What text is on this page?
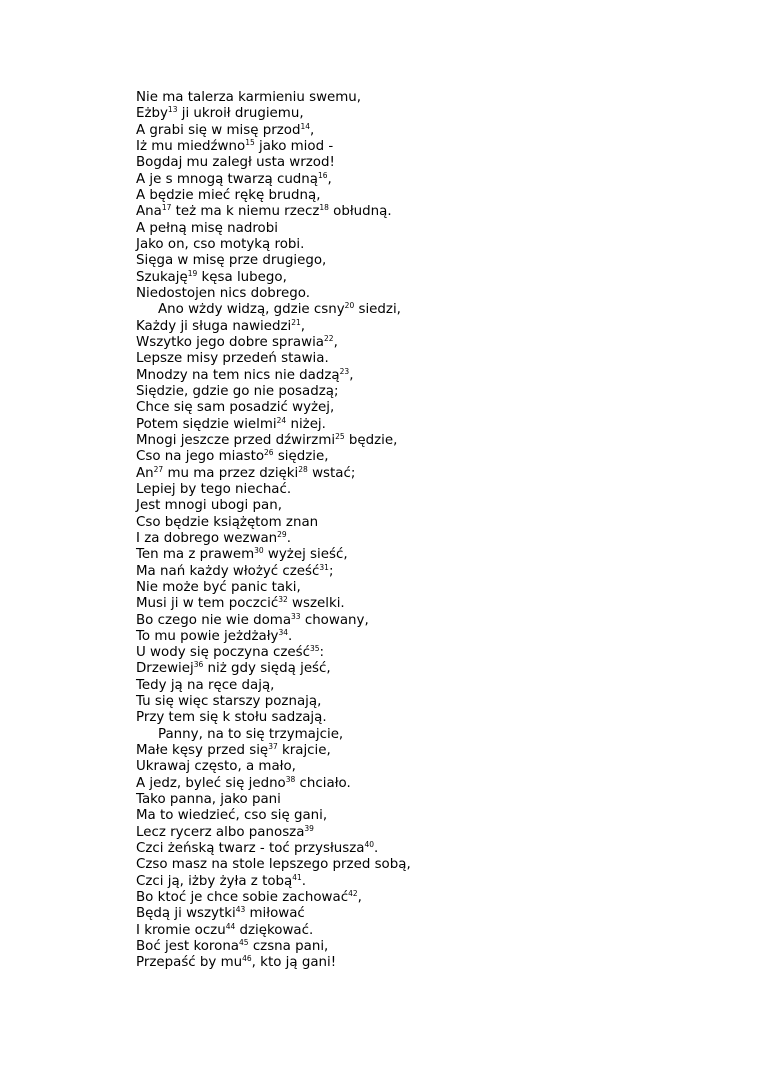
Nie ma talerza karmieniu swemu,
Eżby$^{13}$ ji ukroił drugiemu,
A grabi się w misę przod$^{14}$,
Iż mu miedźwno$^{15}$ jako miod -
Bogdaj mu zaległ usta wrzod!
A je s mnogą twarzą cudną$^{16}$,
A będzie mieć rękę brudną,
Ana$^{17}$ też ma k niemu rzecz$^{18}$ obłudną.
A pełną misę nadrobi
Jako on, cso motyką robi.
Sięga w misę prze drugiego,
Szukaję$^{19}$ kęsa lubego,
Niedostojen nics dobrego.
Ano wżdy widzą, gdzie csny$^{20}$ siedzi,
Każdy ji sługa nawiedzi$^{21}$,
Wszytko jego dobre sprawia$^{22}$,
Lepsze misy przedeń stawia.
Mnodzy na tem nics nie dadzą$^{23}$,
Siędzie, gdzie go nie posadzą;
Chce się sam posadzić wyżej,
Potem siędzie wielmi$^{24}$ niżej.
Mnogi jeszcze przed dźwirzmi$^{25}$ będzie,
Cso na jego miasto$^{26}$ siędzie,
An$^{27}$ mu ma przez dzięki$^{28}$ wstać;
Lepiej by tego niechać.
Jest mnogi ubogi pan,
Cso będzie książętom znan
I za dobrego wezwan$^{29}$.
Ten ma z prawem$^{30}$ wyżej sieść,
Ma nań każdy włożyć cześć$^{31}$;
Nie może być panic taki,
Musi ji w tem poczcić$^{32}$ wszelki.
Bo czego nie wie doma$^{33}$ chowany,
To mu powie jeżdżały$^{34}$.
U wody się poczyna cześć$^{35}$:
Drzewiej$^{36}$ niż gdy siędą jeść,
Tedy ją na ręce dają,
Tu się więc starszy poznają,
Przy tem się k stołu sadzają.
Panny, na to się trzymajcie,
Małe kęsy przed się$^{37}$ krajcie,
Ukrawaj często, a mało,
A jedz, byleć się jedno$^{38}$ chciało.
Tako panna, jako pani
Ma to wiedzieć, cso się gani,
Lecz rycerz albo panosza$^{39}$
Czci żeńską twarz - toć przysłusza$^{40}$.
Czso masz na stole lepszego przed sobą,
Czci ją, iżby żyła z tobą$^{41}$.
Bo ktoć je chce sobie zachować$^{42}$,
Będą ji wszytki$^{43}$ miłować
I kromie oczu$^{44}$ dziękować.
Boć jest korona$^{45}$ czsna pani,
Przepaść by $mu^{46}$, kto ją gani!
